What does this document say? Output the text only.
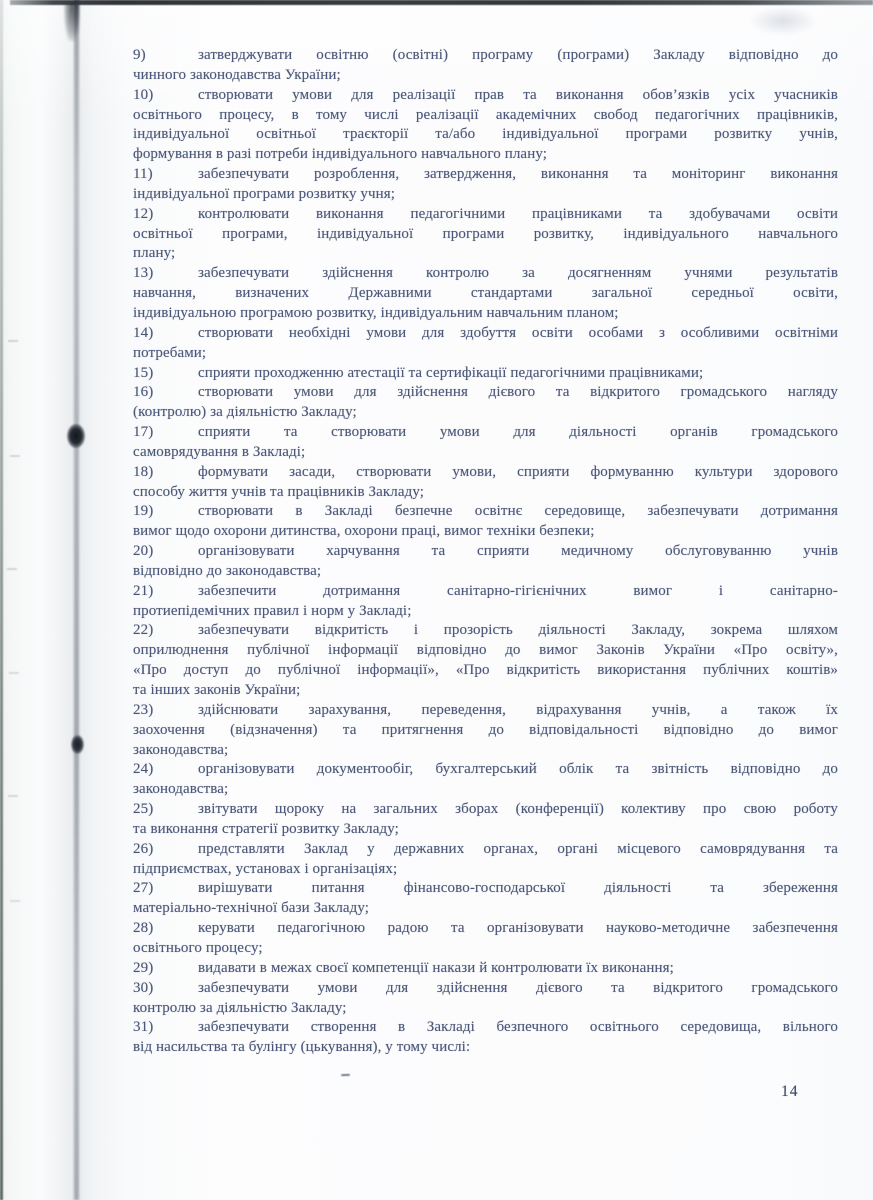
9)	затверджувати освітню (освітні) програму (програми) Закладу відповідно до
чинного законодавства України;
10)	створювати умови для реалізації прав та виконання обов’язків усіх учасників
освітнього процесу, в тому числі реалізації академічних свобод педагогічних працівників,
індивідуальної освітньої траєкторії та/або індивідуальної програми розвитку учнів,
формування в разі потреби індивідуального навчального плану;
11)	забезпечувати розроблення, затвердження, виконання та моніторинг виконання
індивідуальної програми розвитку учня;
12)	контролювати виконання педагогічними працівниками та здобувачами освіти
освітньої програми, індивідуальної програми розвитку, індивідуального навчального
плану;
13)	забезпечувати здійснення контролю за досягненням учнями результатів
навчання, визначених Державними стандартами загальної середньої освіти,
індивідуальною програмою розвитку, індивідуальним навчальним планом;
14)	створювати необхідні умови для здобуття освіти особами з особливими освітніми
потребами;
15)	сприяти проходженню атестації та сертифікації педагогічними працівниками;
16)	створювати умови для здійснення дієвого та відкритого громадського нагляду
(контролю) за діяльністю Закладу;
17)	сприяти та створювати умови для діяльності органів громадського
самоврядування в Закладі;
18)	формувати засади, створювати умови, сприяти формуванню культури здорового
способу життя учнів та працівників Закладу;
19)	створювати в Закладі безпечне освітнє середовище, забезпечувати дотримання
вимог щодо охорони дитинства, охорони праці, вимог техніки безпеки;
20)	організовувати харчування та сприяти медичному обслуговуванню учнів
відповідно до законодавства;
21)	забезпечити дотримання санітарно-гігієнічних вимог і санітарно-
протиепідемічних правил і норм у Закладі;
22)	забезпечувати відкритість і прозорість діяльності Закладу, зокрема шляхом
оприлюднення публічної інформації відповідно до вимог Законів України «Про освіту»,
«Про доступ до публічної інформації», «Про відкритість використання публічних коштів»
та інших законів України;
23)	здійснювати зарахування, переведення, відрахування учнів, а також їх
заохочення (відзначення) та притягнення до відповідальності відповідно до вимог
законодавства;
24)	організовувати документообіг, бухгалтерський облік та звітність відповідно до
законодавства;
25)	звітувати щороку на загальних зборах (конференції) колективу про свою роботу
та виконання стратегії розвитку Закладу;
26)	представляти Заклад у державних органах, органі місцевого самоврядування та
підприємствах, установах і організаціях;
27)	вирішувати питання фінансово-господарської діяльності та збереження
матеріально-технічної бази Закладу;
28)	керувати педагогічною радою та організовувати науково-методичне забезпечення
освітнього процесу;
29)	видавати в межах своєї компетенції накази й контролювати їх виконання;
30)	забезпечувати умови для здійснення дієвого та відкритого громадського
контролю за діяльністю Закладу;
31)	забезпечувати створення в Закладі безпечного освітнього середовища, вільного
від насильства та булінгу (цькування), у тому числі:
14
